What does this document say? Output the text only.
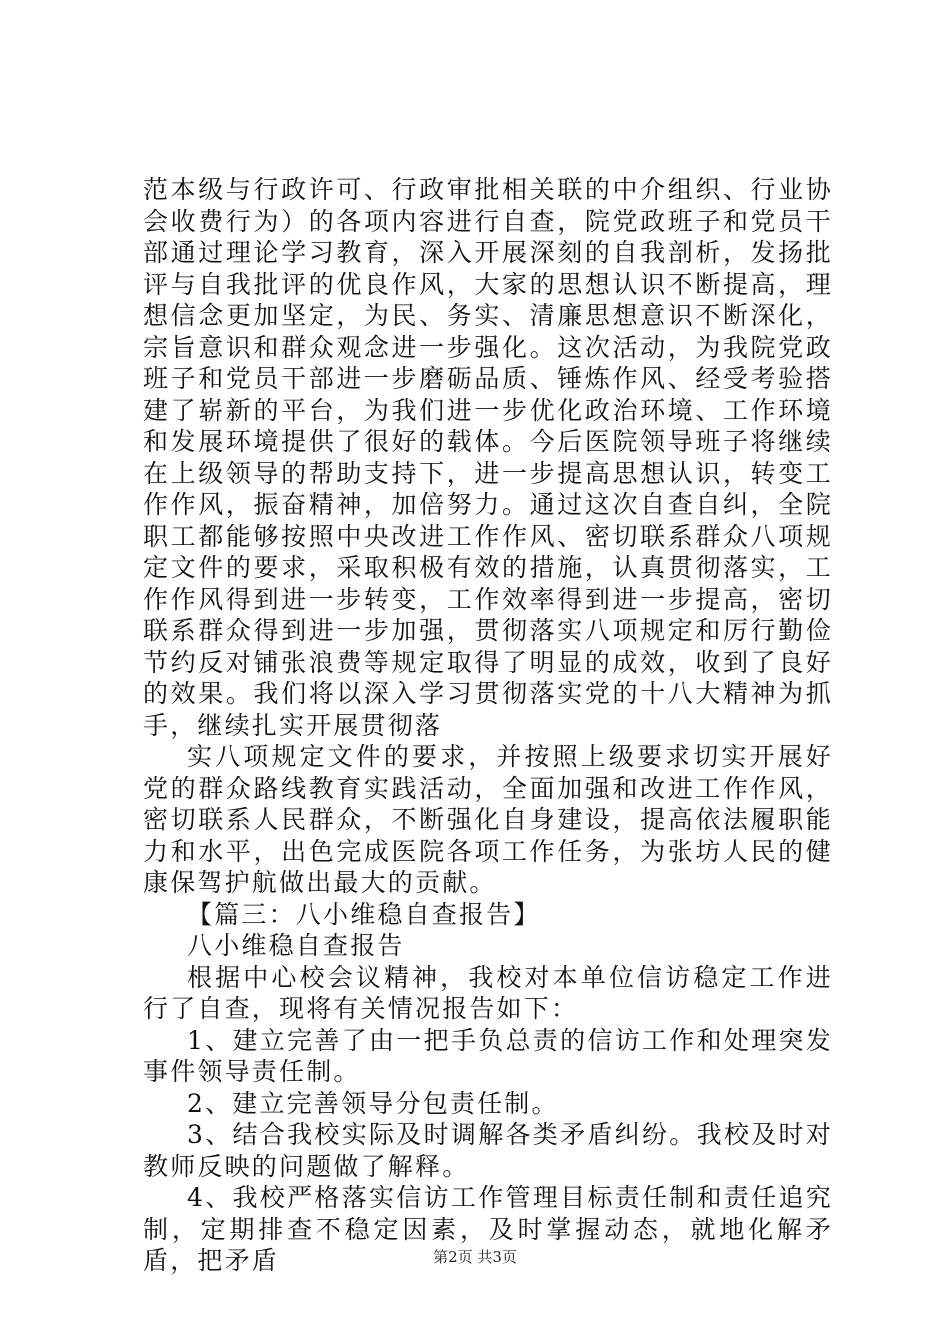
范本级与行政许可、行政审批相关联的中介组织、行业协会收费行为）的各项内容进行自查，院党政班子和党员干部通过理论学习教育，深入开展深刻的自我剖析，发扬批评与自我批评的优良作风，大家的思想认识不断提高，理想信念更加坚定，为民、务实、清廉思想意识不断深化，宗旨意识和群众观念进一步强化。这次活动，为我院党政班子和党员干部进一步磨砺品质、锤炼作风、经受考验搭建了崭新的平台，为我们进一步优化政治环境、工作环境和发展环境提供了很好的载体。今后医院领导班子将继续在上级领导的帮助支持下，进一步提高思想认识，转变工作作风，振奋精神，加倍努力。通过这次自查自纠，全院职工都能够按照中央改进工作作风、密切联系群众八项规定文件的要求，采取积极有效的措施，认真贯彻落实，工作作风得到进一步转变，工作效率得到进一步提高，密切联系群众得到进一步加强，贯彻落实八项规定和厉行勤俭节约反对铺张浪费等规定取得了明显的成效，收到了良好的效果。我们将以深入学习贯彻落实党的十八大精神为抓手，继续扎实开展贯彻落

实八项规定文件的要求，并按照上级要求切实开展好党的群众路线教育实践活动，全面加强和改进工作作风，密切联系人民群众，不断强化自身建设，提高依法履职能力和水平，出色完成医院各项工作任务，为张坊人民的健康保驾护航做出最大的贡献。

【篇三：八小维稳自查报告】

八小维稳自查报告

根据中心校会议精神，我校对本单位信访稳定工作进行了自查，现将有关情况报告如下：

1、建立完善了由一把手负总责的信访工作和处理突发事件领导责任制。

2、建立完善领导分包责任制。

3、结合我校实际及时调解各类矛盾纠纷。我校及时对教师反映的问题做了解释。

4、我校严格落实信访工作管理目标责任制和责任追究制，定期排查不稳定因素，及时掌握动态，就地化解矛盾，把矛盾	第2页 共3页
